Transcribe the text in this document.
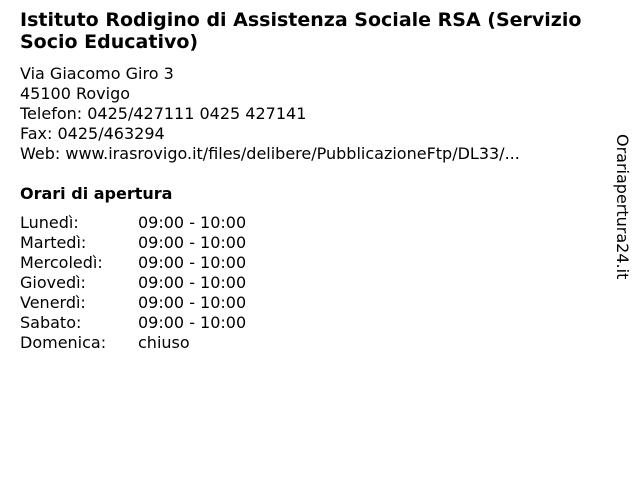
Istituto Rodigino di Assistenza Sociale RSA (Servizio Socio Educativo)
Via Giacomo Giro 3
45100 Rovigo
Telefon: 0425/427111 0425 427141
Fax: 0425/463294
Web: www.irasrovigo.it/files/delibere/PubblicazioneFtp/DL33/...
Orari di apertura
Lunedì:	09:00 - 10:00
Martedì:	09:00 - 10:00
Mercoledì: 09:00 - 10:00
Giovedì:	09:00 - 10:00
Venerdì:	09:00 - 10:00
Sabato:	09:00 - 10:00
Domenica: chiuso
Orariaperturа24.it
